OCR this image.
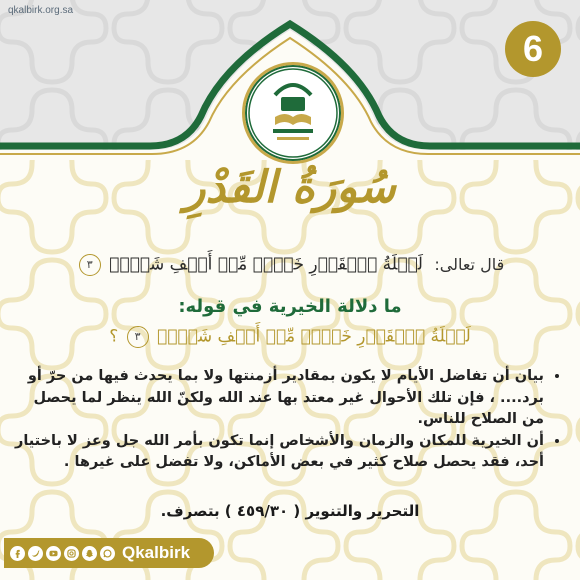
qkalbirk.org.sa
6
سُورَةُ القَدْرِ
قال تعالى: لَيۡلَةُ ٱلۡقَدۡرِ خَيۡرٞ مِّنۡ أَلۡفِ شَهۡرٖ ٣
ما دلالة الخيرية في قوله:
لَيۡلَةُ ٱلۡقَدۡرِ خَيۡرٞ مِّنۡ أَلۡفِ شَهۡرٖ ٣ ؟
• بيان أن تفاضل الأيام لا يكون بمقادير أزمنتها ولا بما يحدث فيها من حرّ أو برد.... ، فإن تلك الأحوال غير معتد بها عند الله ولكنّ الله ينظر لما يحصل من الصلاح للناس.
• أن الخيرية للمكان والزمان والأشخاص إنما تكون بأمر الله جل وعز لا باختيار أحد، فقد يحصل صلاح كثير في بعض الأماكن، ولا تفضل على غيرها .
التحرير والتنوير ( ٤٥٩/٣٠ ) بتصرف.
Qkalbirk
